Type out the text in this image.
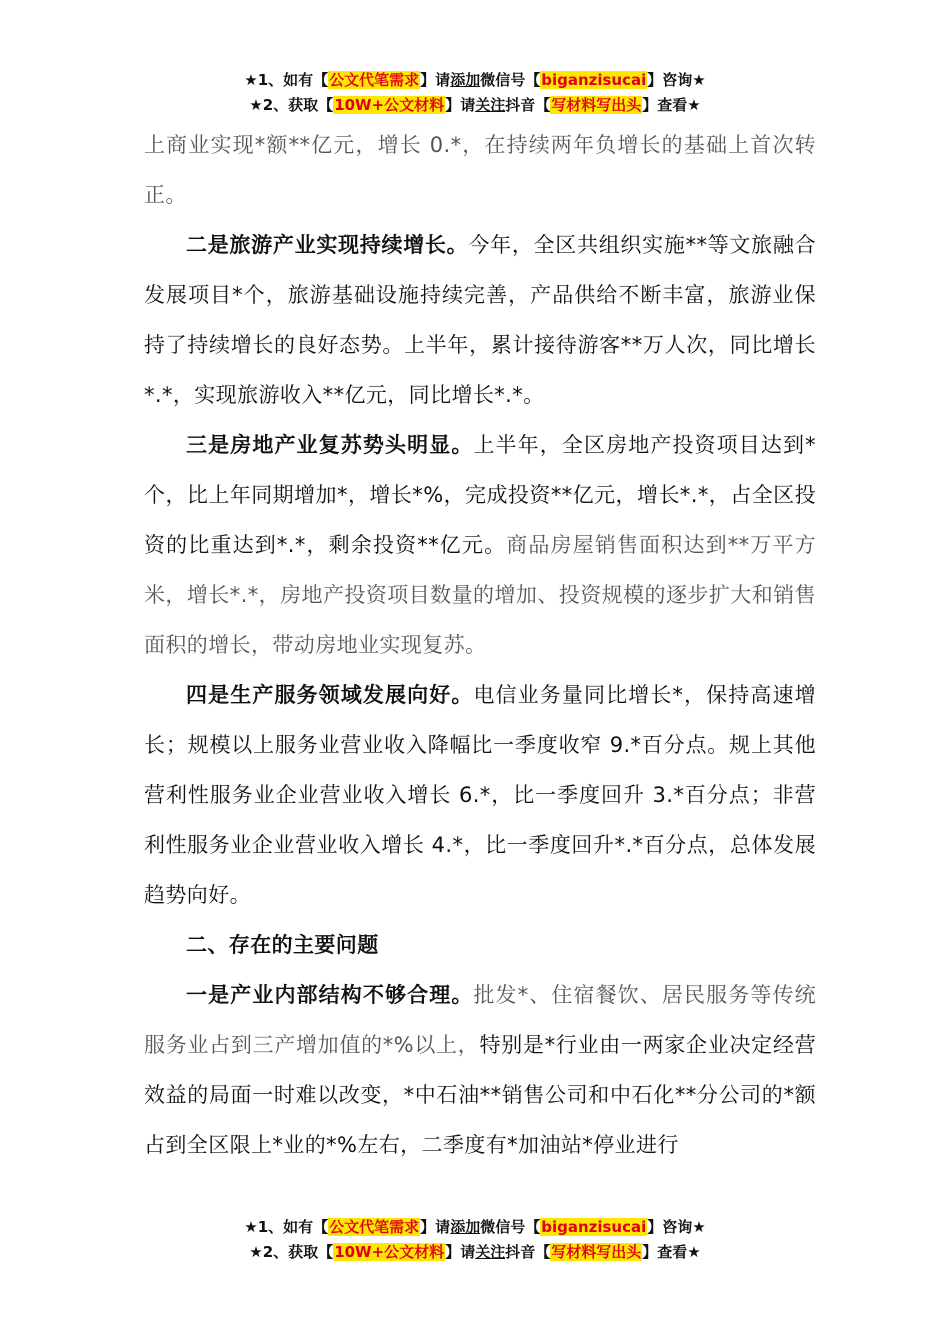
★1、如有【公文代笔需求】请添加微信号【biganzisucai】咨询★
★2、获取【10W+公文材料】请关注抖音【写材料写出头】查看★

上商业实现*额**亿元，增长 0.*，在持续两年负增长的基础上首次转正。

二是旅游产业实现持续增长。今年，全区共组织实施**等文旅融合发展项目*个，旅游基础设施持续完善，产品供给不断丰富，旅游业保持了持续增长的良好态势。上半年，累计接待游客**万人次，同比增长*.*，实现旅游收入**亿元，同比增长*.*。

三是房地产业复苏势头明显。上半年，全区房地产投资项目达到*个，比上年同期增加*，增长*%，完成投资**亿元，增长*.*，占全区投资的比重达到*.*，剩余投资**亿元。商品房屋销售面积达到**万平方米，增长*.*，房地产投资项目数量的增加、投资规模的逐步扩大和销售面积的增长，带动房地业实现复苏。

四是生产服务领域发展向好。电信业务量同比增长*，保持高速增长；规模以上服务业营业收入降幅比一季度收窄 9.*百分点。规上其他营利性服务业企业营业收入增长 6.*，比一季度回升 3.*百分点；非营利性服务业企业营业收入增长 4.*，比一季度回升*.*百分点，总体发展趋势向好。

二、存在的主要问题

一是产业内部结构不够合理。批发*、住宿餐饮、居民服务等传统服务业占到三产增加值的*%以上，特别是*行业由一两家企业决定经营效益的局面一时难以改变，*中石油**销售公司和中石化**分公司的*额占到全区限上*业的*%左右，二季度有*加油站*停业进行

★1、如有【公文代笔需求】请添加微信号【biganzisucai】咨询★
★2、获取【10W+公文材料】请关注抖音【写材料写出头】查看★
